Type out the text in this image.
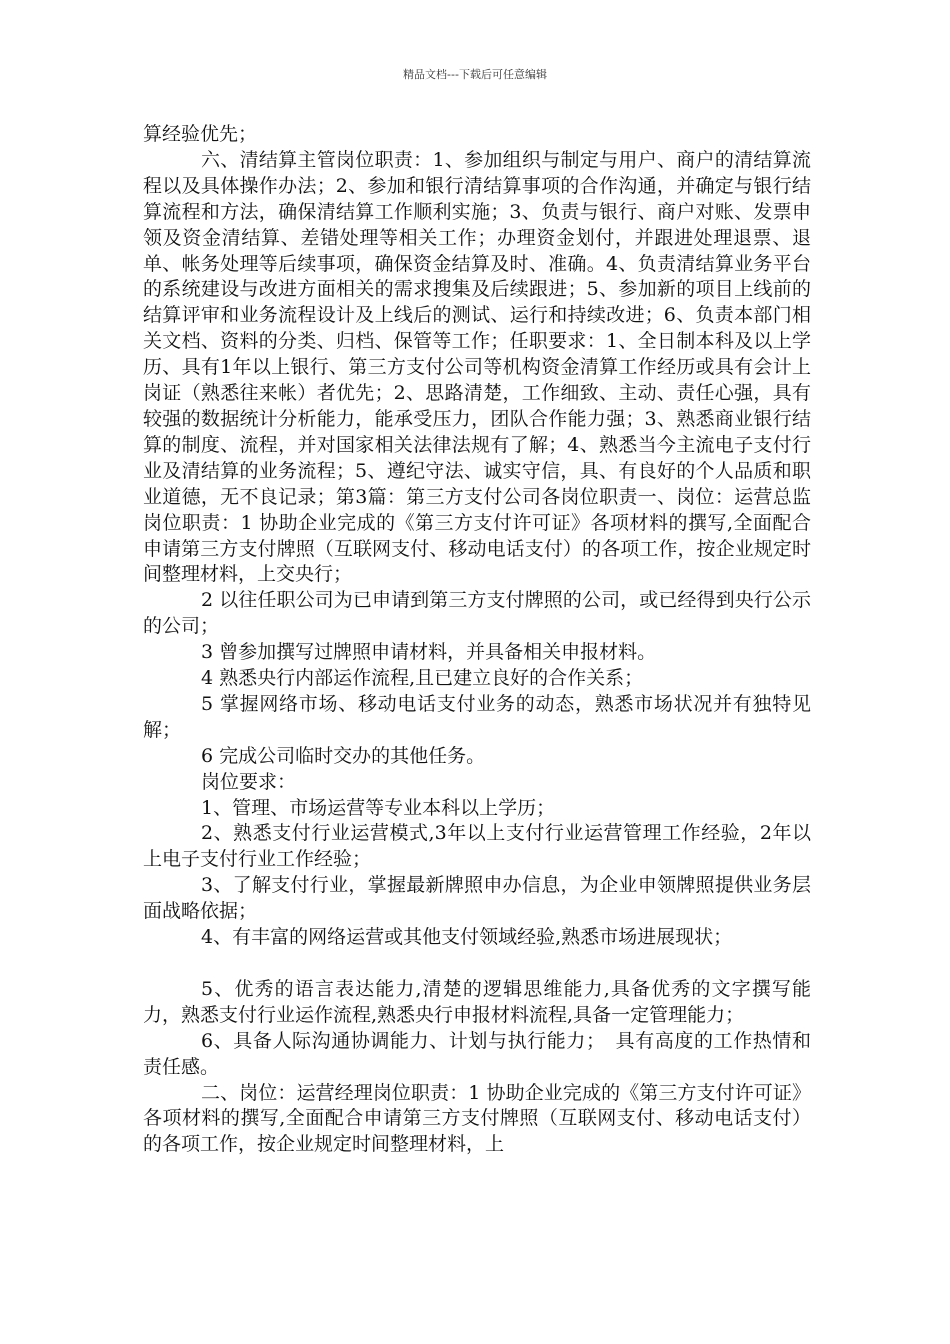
精品文档---下载后可任意编辑

算经验优先；

六、清结算主管岗位职责：1、参加组织与制定与用户、商户的清结算流程以及具体操作办法；2、参加和银行清结算事项的合作沟通，并确定与银行结算流程和方法，确保清结算工作顺利实施；3、负责与银行、商户对账、发票申领及资金清结算、差错处理等相关工作；办理资金划付，并跟进处理退票、退单、帐务处理等后续事项，确保资金结算及时、准确。4、负责清结算业务平台的系统建设与改进方面相关的需求搜集及后续跟进；5、参加新的项目上线前的结算评审和业务流程设计及上线后的测试、运行和持续改进；6、负责本部门相关文档、资料的分类、归档、保管等工作；任职要求：1、全日制本科及以上学历、具有1年以上银行、第三方支付公司等机构资金清算工作经历或具有会计上岗证（熟悉往来帐）者优先；2、思路清楚，工作细致、主动、责任心强，具有较强的数据统计分析能力，能承受压力，团队合作能力强；3、熟悉商业银行结算的制度、流程，并对国家相关法律法规有了解；4、熟悉当今主流电子支付行业及清结算的业务流程；5、遵纪守法、诚实守信，具、有良好的个人品质和职业道德，无不良记录；第3篇：第三方支付公司各岗位职责一、岗位：运营总监岗位职责：1 协助企业完成的《第三方支付许可证》各项材料的撰写,全面配合申请第三方支付牌照（互联网支付、移动电话支付）的各项工作，按企业规定时间整理材料，上交央行；

2 以往任职公司为已申请到第三方支付牌照的公司，或已经得到央行公示的公司；

3 曾参加撰写过牌照申请材料，并具备相关申报材料。

4 熟悉央行内部运作流程,且已建立良好的合作关系；

5 掌握网络市场、移动电话支付业务的动态，熟悉市场状况并有独特见解；

6 完成公司临时交办的其他任务。

岗位要求：

1、管理、市场运营等专业本科以上学历；

2、熟悉支付行业运营模式,3年以上支付行业运营管理工作经验，2年以上电子支付行业工作经验；

3、了解支付行业，掌握最新牌照申办信息，为企业申领牌照提供业务层面战略依据；

4、有丰富的网络运营或其他支付领域经验,熟悉市场进展现状；

5、优秀的语言表达能力,清楚的逻辑思维能力,具备优秀的文字撰写能力，熟悉支付行业运作流程,熟悉央行申报材料流程,具备一定管理能力；

6、具备人际沟通协调能力、计划与执行能力；　具有高度的工作热情和责任感。

二、岗位：运营经理岗位职责：1 协助企业完成的《第三方支付许可证》各项材料的撰写,全面配合申请第三方支付牌照（互联网支付、移动电话支付）的各项工作，按企业规定时间整理材料，上
